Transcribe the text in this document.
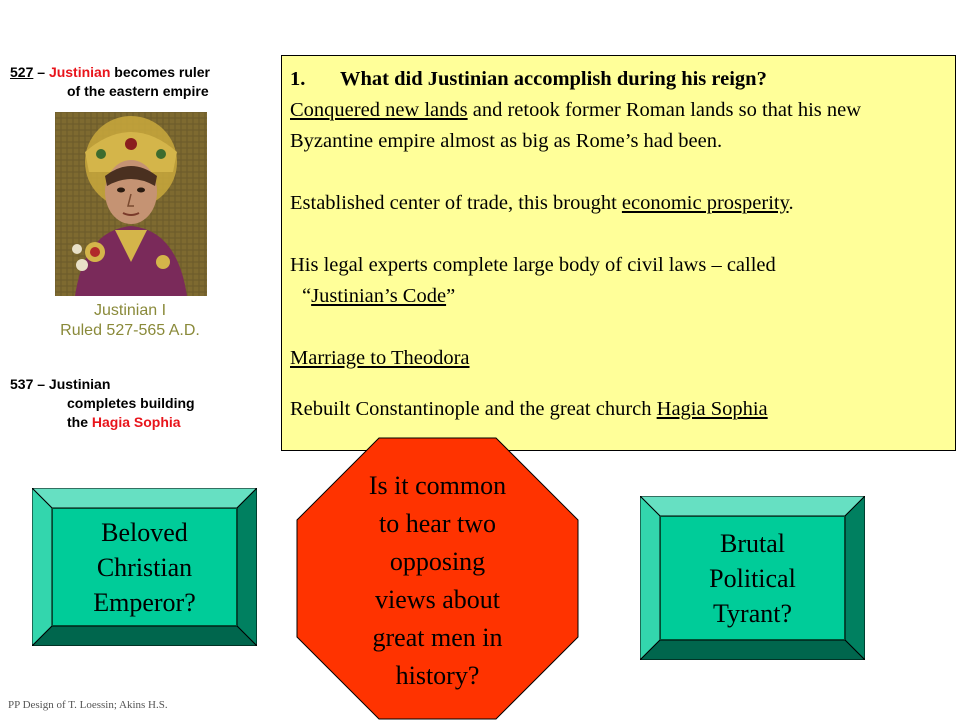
527 – Justinian becomes ruler
of the eastern empire
Justinian I
Ruled 527-565 A.D.
537 – Justinian
completes building
the Hagia Sophia

1. What did Justinian accomplish during his reign?

Conquered new lands and retook former Roman lands so that his new Byzantine empire almost as big as Rome’s had been.

Established center of trade, this brought economic prosperity.

His legal experts complete large body of civil laws – called

“Justinian’s Code”

Marriage to Theodora

Rebuilt Constantinople and the great church Hagia Sophia

Beloved
Christian
Emperor?
Brutal
Political
Tyrant?
Is it common
to hear two
opposing
views about
great men in
history?
PP Design of T. Loessin; Akins H.S.
